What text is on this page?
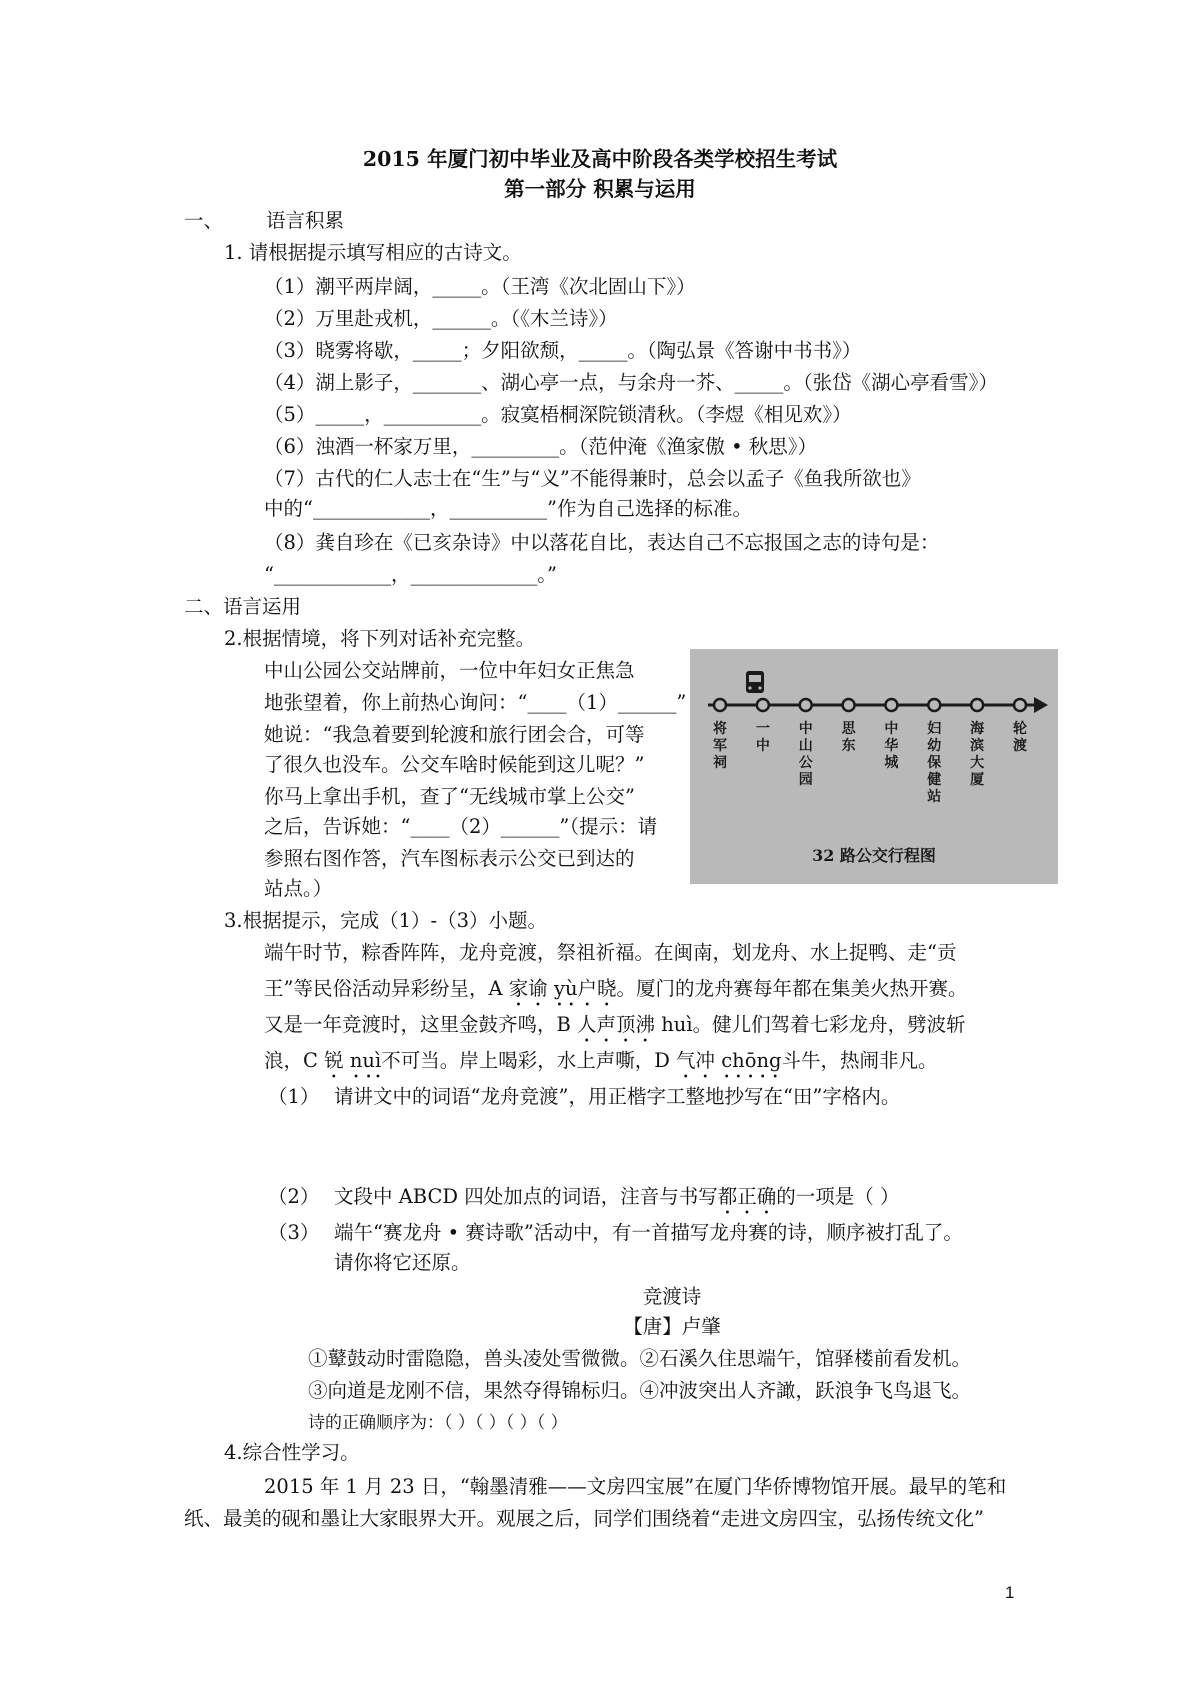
2015 年厦门初中毕业及高中阶段各类学校招生考试
第一部分 积累与运用
一、 语言积累
1. 请根据提示填写相应的古诗文。
（1）潮平两岸阔，_____。（王湾《次北固山下》）
（2）万里赴戎机，______。（《木兰诗》）
（3）晓雾将歇，_____；夕阳欲颓，_____。（陶弘景《答谢中书书》）
（4）湖上影子，_______、湖心亭一点，与余舟一芥、_____。（张岱《湖心亭看雪》）
（5）_____，__________。寂寞梧桐深院锁清秋。（李煜《相见欢》）
（6）浊酒一杯家万里，_________。（范仲淹《渔家傲 • 秋思》）
（7）古代的仁人志士在“生”与“义”不能得兼时，总会以孟子《鱼我所欲也》
中的“____________，__________”作为自己选择的标准。
（8）龚自珍在《已亥杂诗》中以落花自比，表达自己不忘报国之志的诗句是：
“____________，_____________。”
二、语言运用
2.根据情境，将下列对话补充完整。
中山公园公交站牌前，一位中年妇女正焦急
地张望着，你上前热心询问：“____（1）______”
她说：“我急着要到轮渡和旅行团会合，可等
了很久也没车。公交车啥时候能到这儿呢？”
你马上拿出手机，查了“无线城市掌上公交”
之后，告诉她：“____（2）______”（提示：请
参照右图作答，汽车图标表示公交已到达的
站点。）
将
军
祠
一
中
中
山
公
园
思
东
中
华
城
妇
幼
保
健
站
海
滨
大
厦
轮
渡
32 路公交行程图
3.根据提示，完成（1）-（3）小题。
端午时节，粽香阵阵，龙舟竞渡，祭祖祈福。在闽南，划龙舟、水上捉鸭、走“贡
王”等民俗活动异彩纷呈，A 家谕 yù户晓。厦门的龙舟赛每年都在集美火热开赛。
又是一年竞渡时，这里金鼓齐鸣，B 人声顶沸 huì。健儿们驾着七彩龙舟，劈波斩
浪，C 锐 nuì不可当。岸上喝彩，水上声嘶，D 气冲 chōng斗牛，热闹非凡。
（1） 请讲文中的词语“龙舟竞渡”，用正楷字工整地抄写在“田”字格内。
（2） 文段中 ABCD 四处加点的词语，注音与书写都正确的一项是（ ）
（3） 端午“赛龙舟 • 赛诗歌”活动中，有一首描写龙舟赛的诗，顺序被打乱了。
请你将它还原。
竞渡诗
【唐】卢肇
①鼙鼓动时雷隐隐，兽头凌处雪微微。②石溪久住思端午，馆驿楼前看发机。
③向道是龙刚不信，果然夺得锦标归。④冲波突出人齐譀，跃浪争飞鸟退飞。
诗的正确顺序为：（ ）（ ）（ ）（ ）
4.综合性学习。
2015 年 1 月 23 日，“翰墨清雅——文房四宝展”在厦门华侨博物馆开展。最早的笔和
纸、最美的砚和墨让大家眼界大开。观展之后，同学们围绕着“走进文房四宝，弘扬传统文化”
1
